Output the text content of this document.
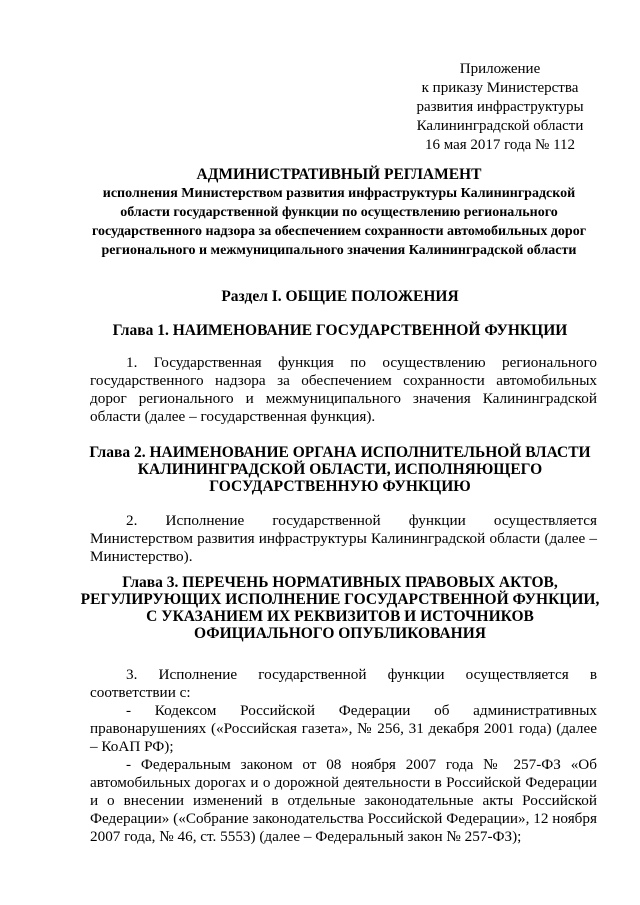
Приложение
к приказу Министерства
развития инфраструктуры
Калининградской области
16 мая 2017 года № 112
АДМИНИСТРАТИВНЫЙ РЕГЛАМЕНТ
исполнения Министерством развития инфраструктуры Калининградской области государственной функции по осуществлению регионального государственного надзора за обеспечением сохранности автомобильных дорог регионального и межмуниципального значения Калининградской области
Раздел I. ОБЩИЕ ПОЛОЖЕНИЯ
Глава 1. НАИМЕНОВАНИЕ ГОСУДАРСТВЕННОЙ ФУНКЦИИ
1. Государственная функция по осуществлению регионального государственного надзора за обеспечением сохранности автомобильных дорог регионального и межмуниципального значения Калининградской области (далее – государственная функция).
Глава 2. НАИМЕНОВАНИЕ ОРГАНА ИСПОЛНИТЕЛЬНОЙ ВЛАСТИ КАЛИНИНГРАДСКОЙ ОБЛАСТИ, ИСПОЛНЯЮЩЕГО ГОСУДАРСТВЕННУЮ ФУНКЦИЮ
2. Исполнение государственной функции осуществляется Министерством развития инфраструктуры Калининградской области (далее – Министерство).
Глава 3. ПЕРЕЧЕНЬ НОРМАТИВНЫХ ПРАВОВЫХ АКТОВ, РЕГУЛИРУЮЩИХ ИСПОЛНЕНИЕ ГОСУДАРСТВЕННОЙ ФУНКЦИИ, С УКАЗАНИЕМ ИХ РЕКВИЗИТОВ И ИСТОЧНИКОВ ОФИЦИАЛЬНОГО ОПУБЛИКОВАНИЯ

3. Исполнение государственной функции осуществляется в соответствии с:

- Кодексом Российской Федерации об административных правонарушениях («Российская газета», № 256, 31 декабря 2001 года) (далее – КоАП РФ);

- Федеральным законом от 08 ноября 2007 года № 257-ФЗ «Об автомобильных дорогах и о дорожной деятельности в Российской Федерации и о внесении изменений в отдельные законодательные акты Российской Федерации» («Собрание законодательства Российской Федерации», 12 ноября 2007 года, № 46, ст. 5553) (далее – Федеральный закон № 257-ФЗ);
